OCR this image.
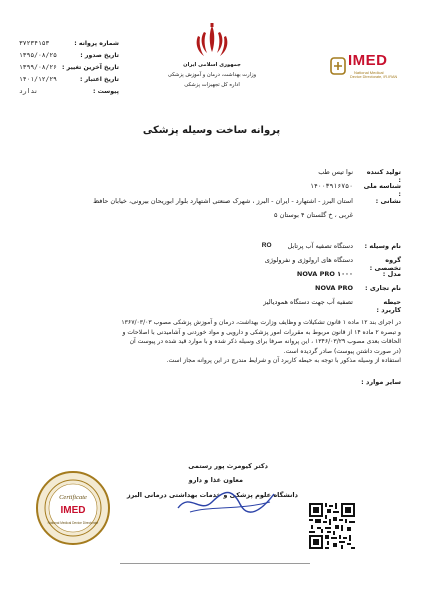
شماره پروانه :
۳۷۲۳۴۱۵۳
تاریخ صدور :
۱۳۹۵/۰۸/۲۵
تاریخ آخرین تغییر :
۱۳۹۹/۰۸/۲۶
تاریخ اعتبار :
۱۴۰۱/۱۲/۲۹
پیوست :
ندارد
جمهوری اسلامی ایران
وزارت بهداشت، درمان و آموزش پزشکی
اداره کل تجهیزات پزشکی
IMED
National Medical
Device Directorate, IR.IRAN
پروانه ساخت وسیله پزشکی
تولید کننده :
نوا تیس طب
شناسه ملی :
۱۴۰۰۳۹۱۶۷۵۰
نشانی :
استان البرز - اشتهارد - ایران - البرز ، شهرک صنعتی اشتهارد بلوار ابوریحان بیرونی، خیابان حافظ
غربی ، خ گلستان ۴ بوستان ۵
نام وسیله :
دستگاه تصفیه آب پرتابل
RO
گروه تخصصی :
دستگاه های ارولوژی و نفرولوژی
مدل :
NOVA PRO ۱۰۰۰
نام تجاری :
NOVA PRO
حیطه کاربرد :
تصفیه آب جهت دستگاه همودیالیز
در اجرای بند ۱۲ ماده ۱ قانون تشکیلات و وظایف وزارت بهداشت، درمان و آموزش پزشکی مصوب ۱۳۶۷/۰۳/۰۳
و تبصره ۲ ماده ۱۴ از قانون مربوط به مقررات امور پزشکی و دارویی و مواد خوردنی و آشامیدنی با اصلاحات و
الحاقات بعدی مصوب ۱۳۴۶/۰۳/۲۹ ، این پروانه صرفا برای وسیله ذکر شده و با موارد قید شده در پیوست آن
(در صورت داشتن پیوست) صادر گردیده است.
استفاده از وسیله مذکور با توجه به حیطه کاربرد آن و شرایط مندرج در این پروانه مجاز است.
سایر موارد :
دکتر کیومرث پور رستمی
معاون غذا و دارو
دانشگاه علوم پزشکی و خدمات بهداشتی درمانی البرز
Certificate
IMED
National Medical Device Directorate
